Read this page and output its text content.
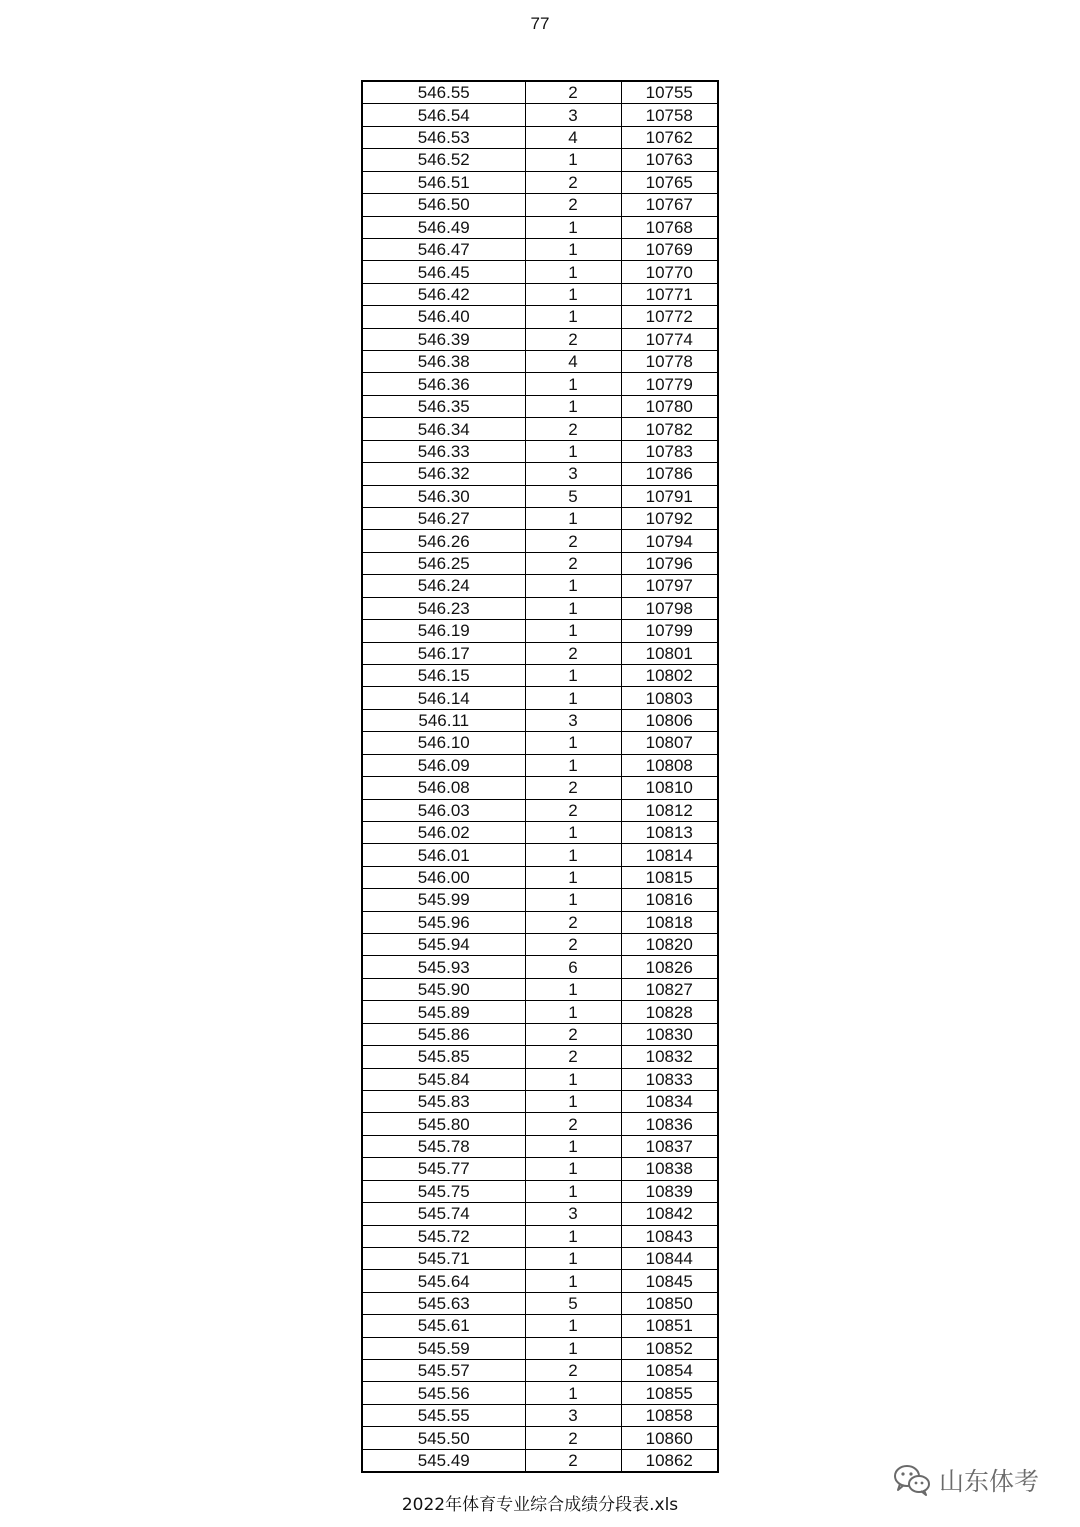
77
546.55	2	10755
546.54	3	10758
546.53	4	10762
546.52	1	10763
546.51	2	10765
546.50	2	10767
546.49	1	10768
546.47	1	10769
546.45	1	10770
546.42	1	10771
546.40	1	10772
546.39	2	10774
546.38	4	10778
546.36	1	10779
546.35	1	10780
546.34	2	10782
546.33	1	10783
546.32	3	10786
546.30	5	10791
546.27	1	10792
546.26	2	10794
546.25	2	10796
546.24	1	10797
546.23	1	10798
546.19	1	10799
546.17	2	10801
546.15	1	10802
546.14	1	10803
546.11	3	10806
546.10	1	10807
546.09	1	10808
546.08	2	10810
546.03	2	10812
546.02	1	10813
546.01	1	10814
546.00	1	10815
545.99	1	10816
545.96	2	10818
545.94	2	10820
545.93	6	10826
545.90	1	10827
545.89	1	10828
545.86	2	10830
545.85	2	10832
545.84	1	10833
545.83	1	10834
545.80	2	10836
545.78	1	10837
545.77	1	10838
545.75	1	10839
545.74	3	10842
545.72	1	10843
545.71	1	10844
545.64	1	10845
545.63	5	10850
545.61	1	10851
545.59	1	10852
545.57	2	10854
545.56	1	10855
545.55	3	10858
545.50	2	10860
545.49	2	10862
山东体考
2022年体育专业综合成绩分段表.xls
